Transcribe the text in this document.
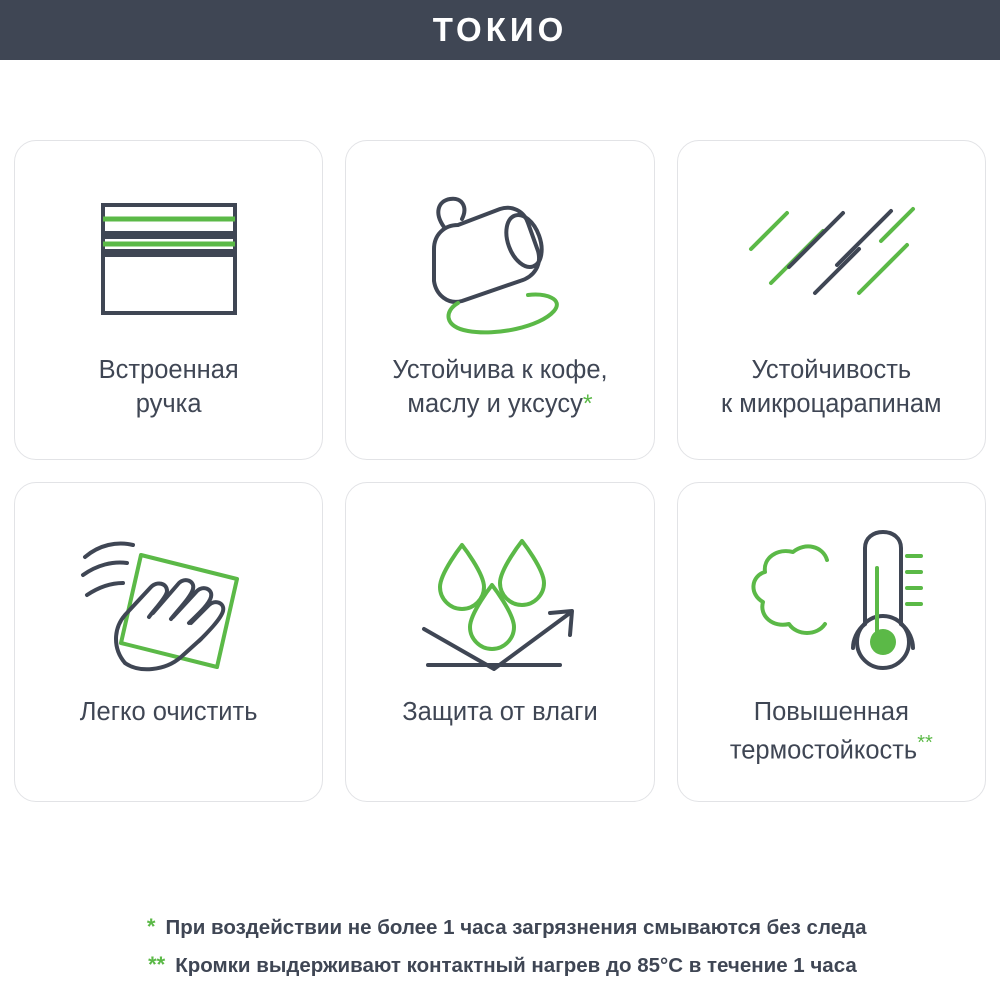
ТОКИО
Встроенная
ручка
Устойчива к кофе,
маслу и уксусу*
Устойчивость
к микроцарапинам
Легко очистить	Защита от влаги	Повышенная
термостойкость**
* При воздействии не более 1 часа загрязнения смываются без следа
** Кромки выдерживают контактный нагрев до 85°C в течение 1 часа
